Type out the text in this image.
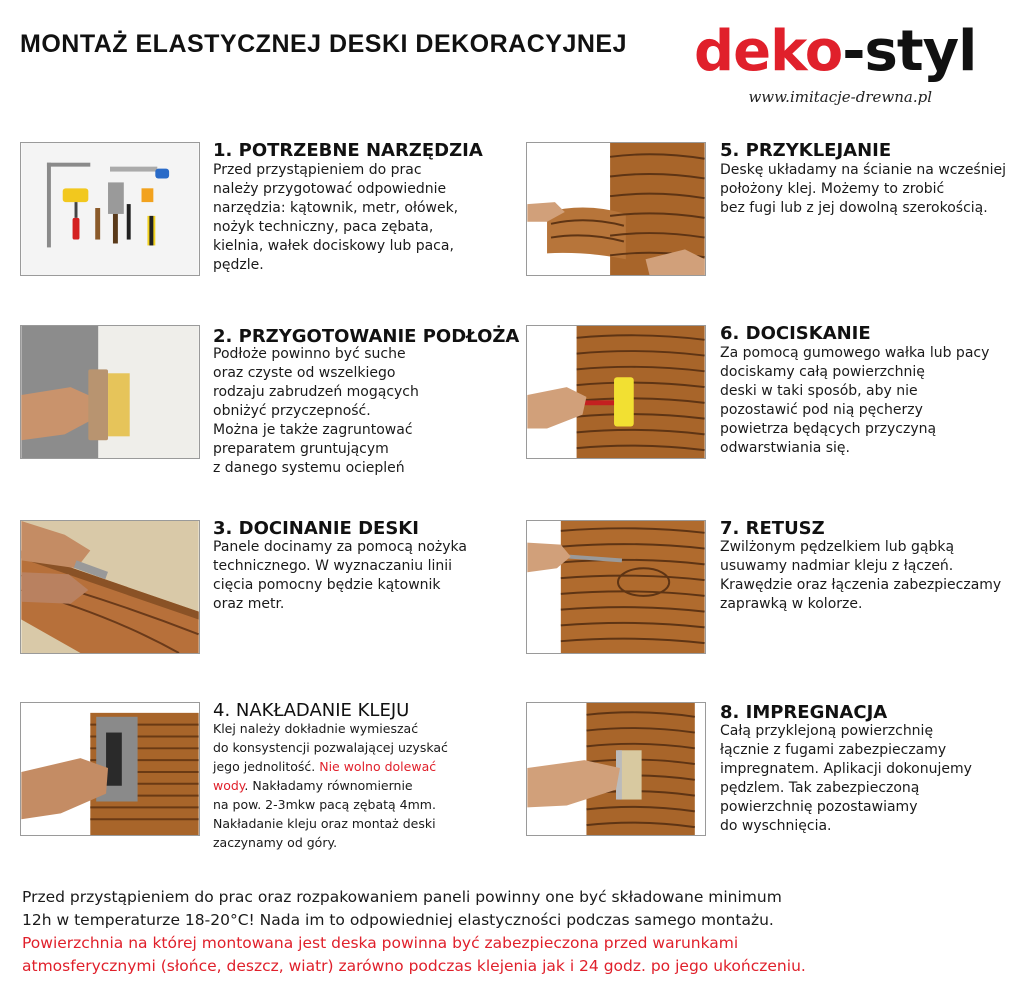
MONTAŻ ELASTYCZNEJ DESKI DEKORACYJNEJ deko-styl
www.imitacje-drewna.pl
1. POTRZEBNE NARZĘDZIA
Przed przystąpieniem do prac
należy przygotować odpowiednie
narzędzia: kątownik, metr, ołówek,
nożyk techniczny, paca zębata,
kielnia, wałek dociskowy lub paca,
pędzle.
2. PRZYGOTOWANIE PODŁOŻA
Podłoże powinno być suche
oraz czyste od wszelkiego
rodzaju zabrudzeń mogących
obniżyć przyczepność.
Można je także zagruntować
preparatem gruntującym
z danego systemu ociepleń
3. DOCINANIE DESKI
Panele docinamy za pomocą nożyka
technicznego. W wyznaczaniu linii
cięcia pomocny będzie kątownik
oraz metr.
4. NAKŁADANIE KLEJU
Klej należy dokładnie wymieszać
do konsystencji pozwalającej uzyskać
jego jednolitość. Nie wolno dolewać
wody. Nakładamy równomiernie
na pow. 2-3mkw pacą zębatą 4mm.
Nakładanie kleju oraz montaż deski
zaczynamy od góry.
5. PRZYKLEJANIE
Deskę układamy na ścianie na wcześniej
położony klej. Możemy to zrobić
bez fugi lub z jej dowolną szerokością.
6. DOCISKANIE
Za pomocą gumowego wałka lub pacy
dociskamy całą powierzchnię
deski w taki sposób, aby nie
pozostawić pod nią pęcherzy
powietrza będących przyczyną
odwarstwiania się.
7. RETUSZ
Zwilżonym pędzelkiem lub gąbką
usuwamy nadmiar kleju z łączeń.
Krawędzie oraz łączenia zabezpieczamy
zaprawką w kolorze.
8. IMPREGNACJA
Całą przyklejoną powierzchnię
łącznie z fugami zabezpieczamy
impregnatem. Aplikacji dokonujemy
pędzlem. Tak zabezpieczoną
powierzchnię pozostawiamy
do wyschnięcia.

Przed przystąpieniem do prac oraz rozpakowaniem paneli powinny one być składowane minimum

12h w temperaturze 18-20°C! Nada im to odpowiedniej elastyczności podczas samego montażu.

Powierzchnia na której montowana jest deska powinna być zabezpieczona przed warunkami

atmosferycznymi (słońce, deszcz, wiatr) zarówno podczas klejenia jak i 24 godz. po jego ukończeniu.
